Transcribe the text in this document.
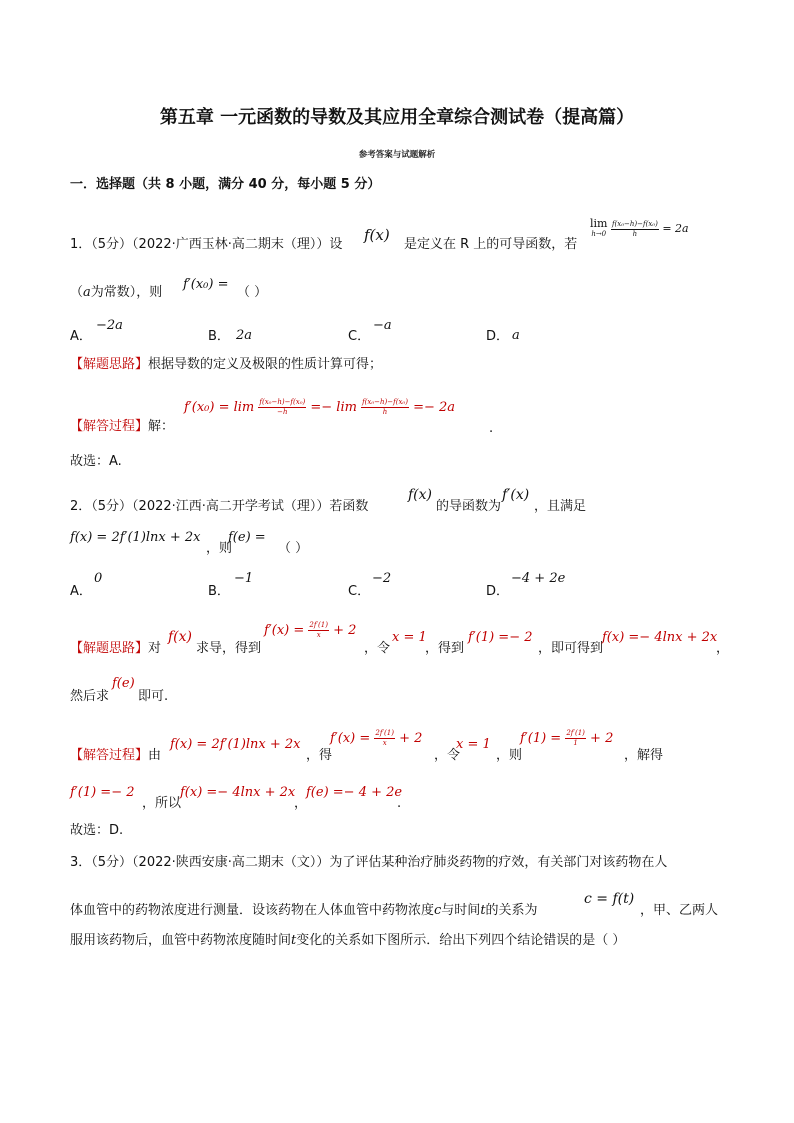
第五章 一元函数的导数及其应用全章综合测试卷（提高篇）
参考答案与试题解析
一．选择题（共 8 小题，满分 40 分，每小题 5 分）
1．（5分）（2022·广西玉林·高二期末（理））设
f(x)
是定义在 R 上的可导函数，若
lim
h→0
$\frac{\text{f(x₀−h)−f(x₀)}}{h} = 2a$
（a为常数），则
f′(x₀) =
（ ）
A．
−2a
B． 2a	C．
−a
D． a
【解题思路】根据导数的定义及极限的性质计算可得；
【解答过程】解：
$f'(x_0) = \lim \frac{\text{f(x₀−h)−f(x₀)}}{-h} =- \lim \frac{\text{f(x₀−h)−f(x₀)}}{h} =- 2a$
.
故选：A.
2．（5分）（2022·江西·高二开学考试（理））若函数
f(x)
的导函数为
f′(x)
，且满足
f(x) = 2f′(1)lnx + 2x
，则
f(e) =
（ ）
A．
0
B．
−1
C．
−2
D．
−4 + 2e
【解题思路】对
f(x)
求导，得到
$f'(x) = \frac{2f'(1)}{x} + 2$
，令
x = 1
，得到
f′(1) =− 2
，即可得到
f(x) =− 4lnx + 2x
，
然后求
f(e)
即可.
【解答过程】由
f(x) = 2f′(1)lnx + 2x
，得
$f'(x) = \frac{2f'(1)}{x} + 2$
，令
x = 1
，则
$f'(1) = \frac{2f'(1)}{1} + 2$
，解得
f′(1) =− 2
，所以
f(x) =− 4lnx + 2x
，
f(e) =− 4 + 2e
.
故选：D.
3．（5分）（2022·陕西安康·高二期末（文））为了评估某种治疗肺炎药物的疗效，有关部门对该药物在人
体血管中的药物浓度进行测量．设该药物在人体血管中药物浓度c与时间t的关系为
c = f(t)
，甲、乙两人
服用该药物后，血管中药物浓度随时间t变化的关系如下图所示．给出下列四个结论错误的是（ ）
